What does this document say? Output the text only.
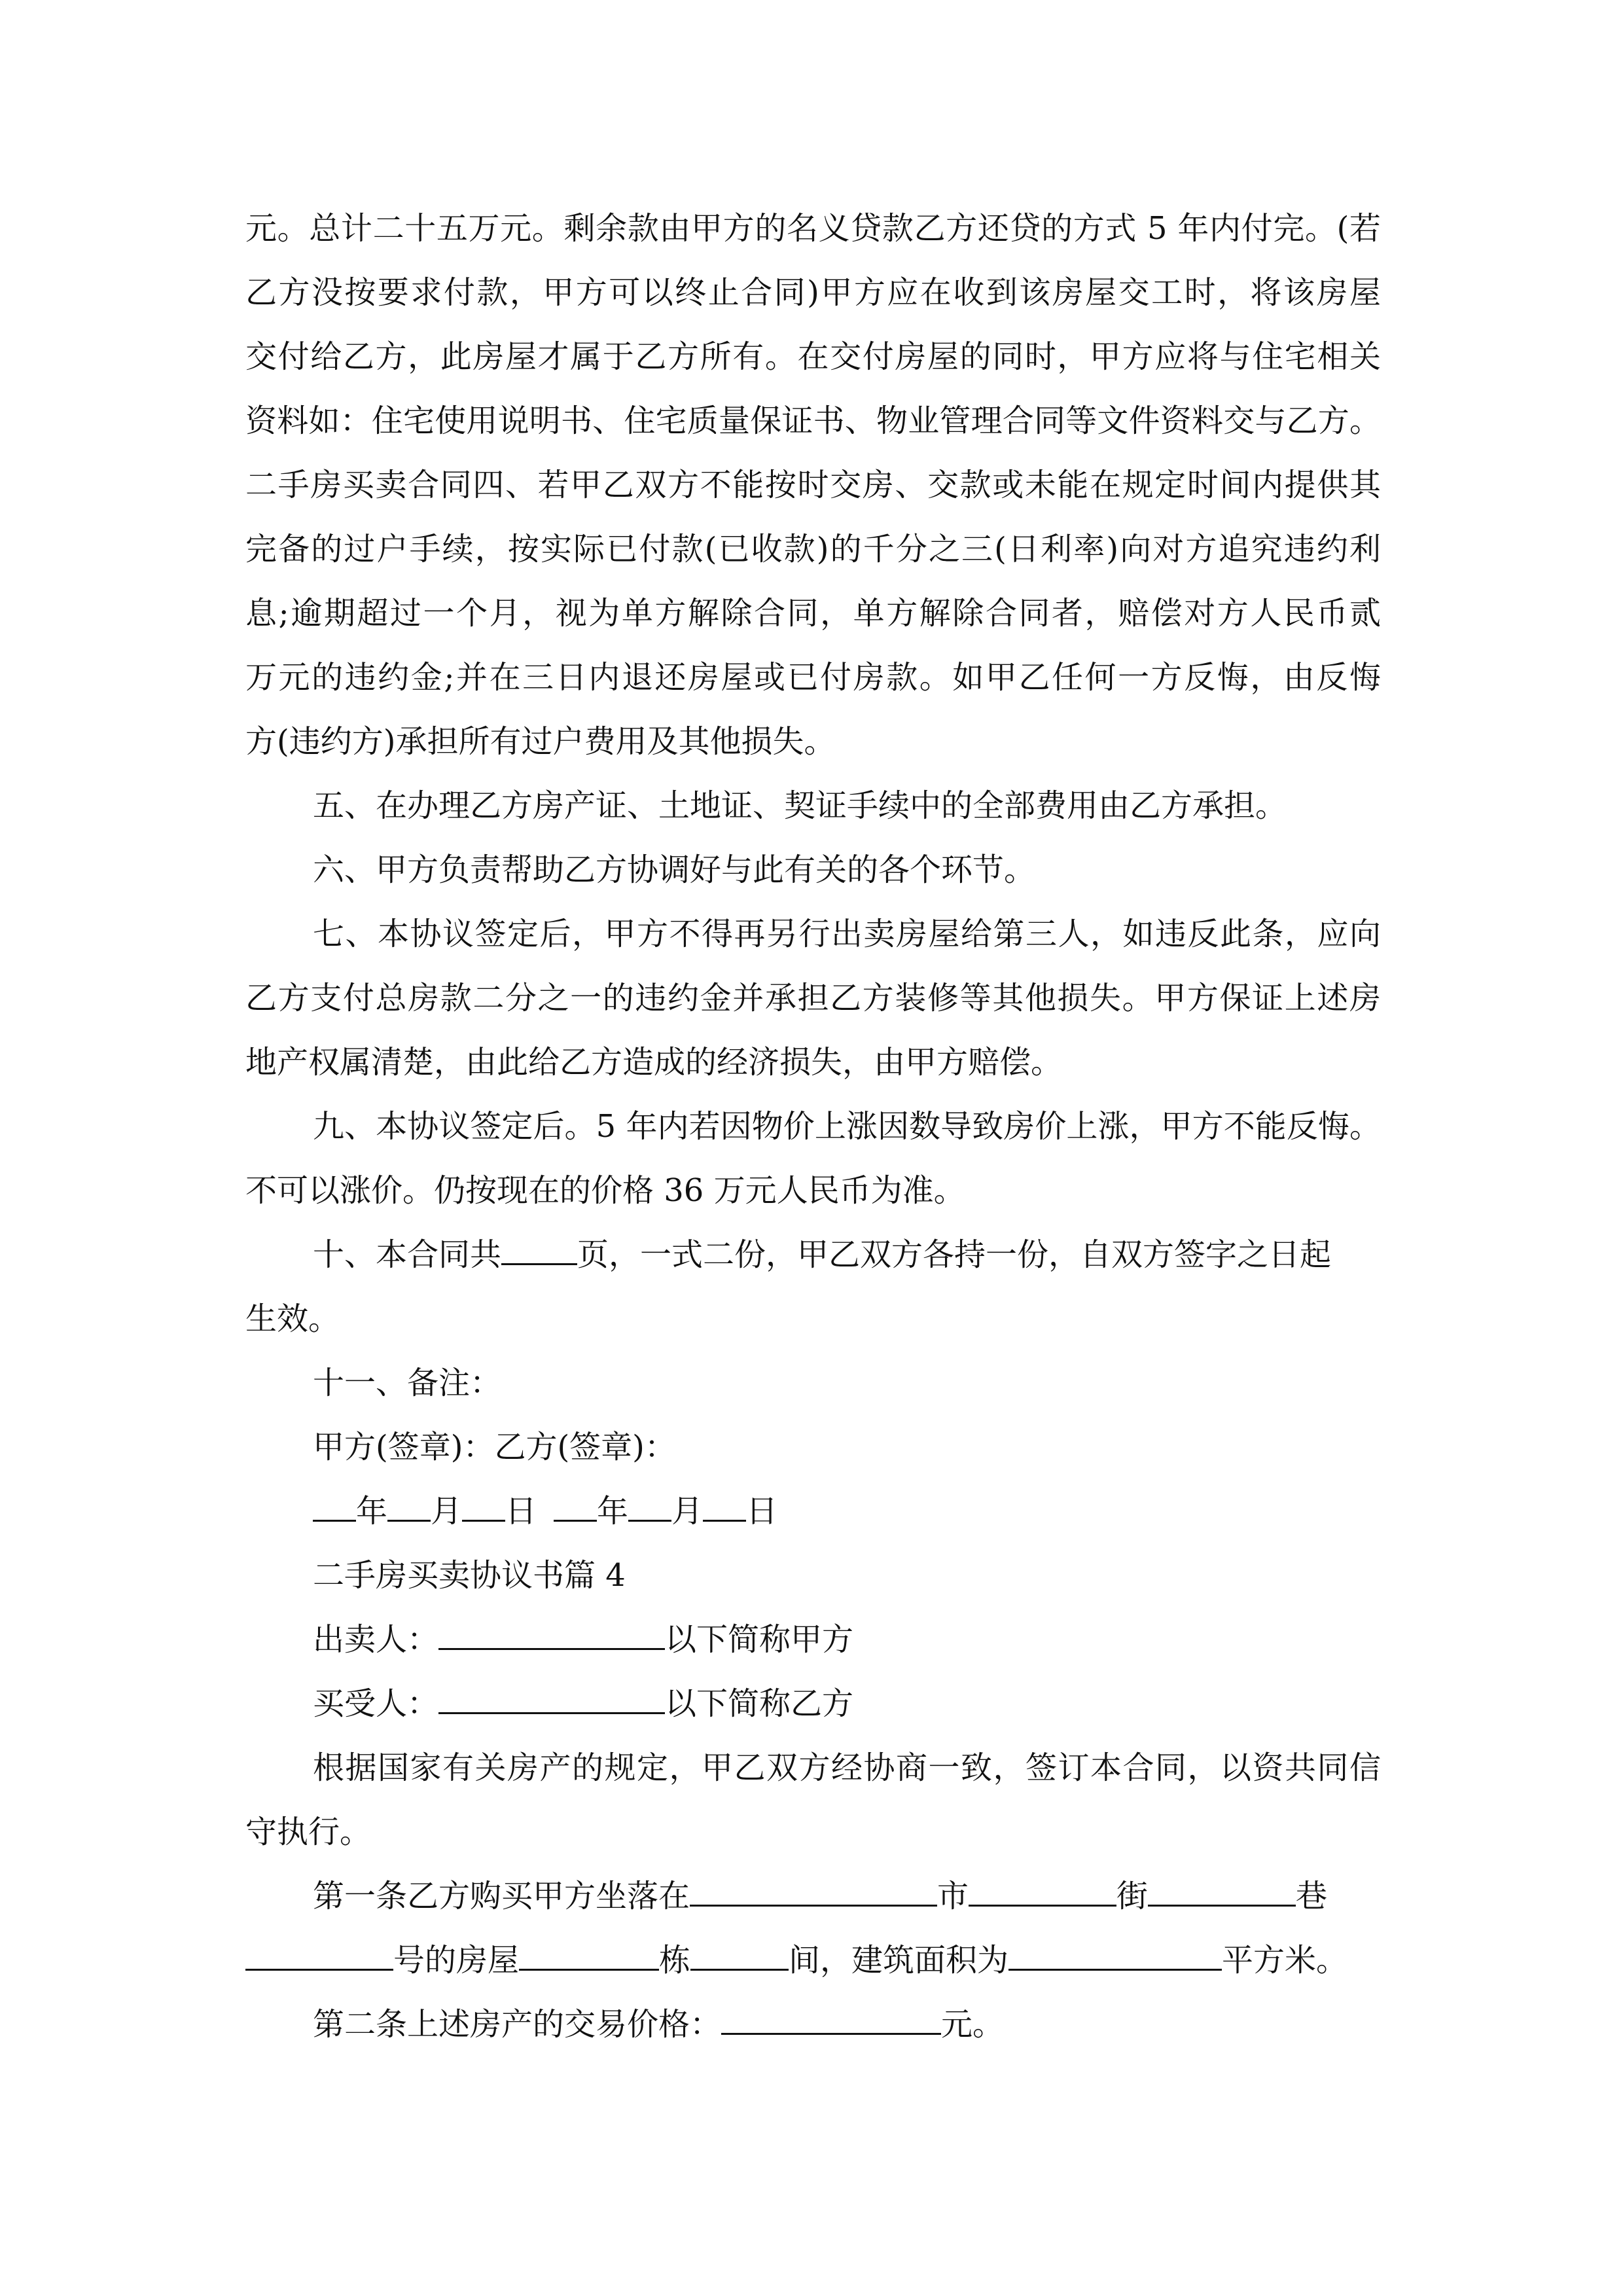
元。总计二十五万元。剩余款由甲方的名义贷款乙方还贷的方式 5 年内付完。(若
乙方没按要求付款，甲方可以终止合同)甲方应在收到该房屋交工时，将该房屋
交付给乙方，此房屋才属于乙方所有。在交付房屋的同时，甲方应将与住宅相关
资料如：住宅使用说明书、住宅质量保证书、物业管理合同等文件资料交与乙方。
二手房买卖合同四、若甲乙双方不能按时交房、交款或未能在规定时间内提供其
完备的过户手续，按实际已付款(已收款)的千分之三(日利率)向对方追究违约利
息;逾期超过一个月，视为单方解除合同，单方解除合同者，赔偿对方人民币贰
万元的违约金;并在三日内退还房屋或已付房款。如甲乙任何一方反悔，由反悔
方(违约方)承担所有过户费用及其他损失。
五、在办理乙方房产证、土地证、契证手续中的全部费用由乙方承担。
六、甲方负责帮助乙方协调好与此有关的各个环节。
七、本协议签定后，甲方不得再另行出卖房屋给第三人，如违反此条，应向
乙方支付总房款二分之一的违约金并承担乙方装修等其他损失。甲方保证上述房
地产权属清楚，由此给乙方造成的经济损失，由甲方赔偿。
九、本协议签定后。5 年内若因物价上涨因数导致房价上涨，甲方不能反悔。
不可以涨价。仍按现在的价格 36 万元人民币为准。
十、本合同共 页，一式二份，甲乙双方各持一份，自双方签字之日起
生效。
十一、备注：
甲方(签章)：乙方(签章)：
年 月 日 年 月 日
二手房买卖协议书篇 4
出卖人：	以下简称甲方
买受人：	以下简称乙方
根据国家有关房产的规定，甲乙双方经协商一致，签订本合同，以资共同信
守执行。
第一条乙方购买甲方坐落在	市	街	巷
号的房屋	栋	间，建筑面积为	平方米。
第二条上述房产的交易价格：	元。
